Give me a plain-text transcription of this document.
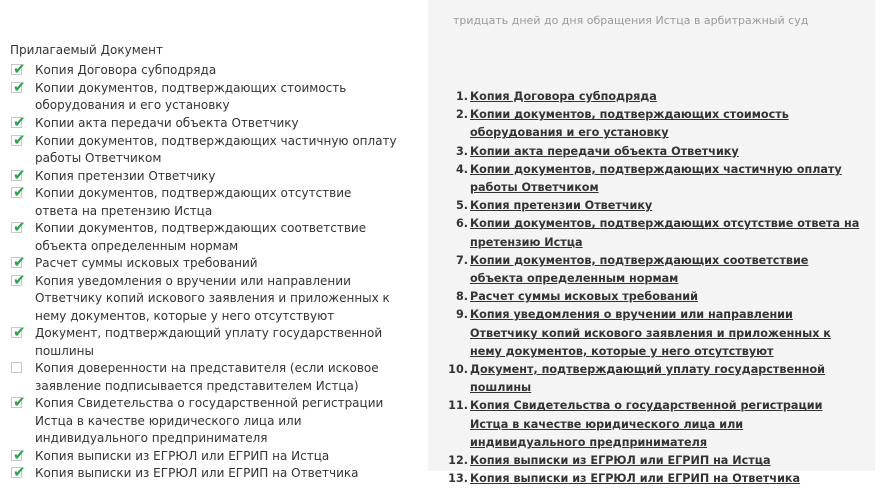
Прилагаемый Документ
✔ Копия Договора субподряда
✔ Копии документов, подтверждающих стоимость оборудования и его установку
✔ Копии акта передачи объекта Ответчику
✔ Копии документов, подтверждающих частичную оплату работы Ответчиком
✔ Копия претензии Ответчику
✔ Копии документов, подтверждающих отсутствие ответа на претензию Истца
✔ Копии документов, подтверждающих соответствие объекта определенным нормам
✔ Расчет суммы исковых требований
✔ Копия уведомления о вручении или направлении Ответчику копий искового заявления и приложенных к нему документов, которые у него отсутствуют
✔ Документ, подтверждающий уплату государственной пошлины
Копия доверенности на представителя (если исковое заявление подписывается представителем Истца)
✔ Копия Свидетельства о государственной регистрации Истца в качестве юридического лица или индивидуального предпринимателя
✔ Копия выписки из ЕГРЮЛ или ЕГРИП на Истца
✔ Копия выписки из ЕГРЮЛ или ЕГРИП на Ответчика
тридцать дней до дня обращения Истца в арбитражный суд
1. Копия Договора субподряда
2. Копии документов, подтверждающих стоимость оборудования и его установку
3. Копии акта передачи объекта Ответчику
4. Копии документов, подтверждающих частичную оплату работы Ответчиком
5. Копия претензии Ответчику
6. Копии документов, подтверждающих отсутствие ответа на претензию Истца
7. Копии документов, подтверждающих соответствие объекта определенным нормам
8. Расчет суммы исковых требований
9. Копия уведомления о вручении или направлении Ответчику копий искового заявления и приложенных к нему документов, которые у него отсутствуют
10. Документ, подтверждающий уплату государственной пошлины
11. Копия Свидетельства о государственной регистрации Истца в качестве юридического лица или индивидуального предпринимателя
12. Копия выписки из ЕГРЮЛ или ЕГРИП на Истца
13. Копия выписки из ЕГРЮЛ или ЕГРИП на Ответчика
